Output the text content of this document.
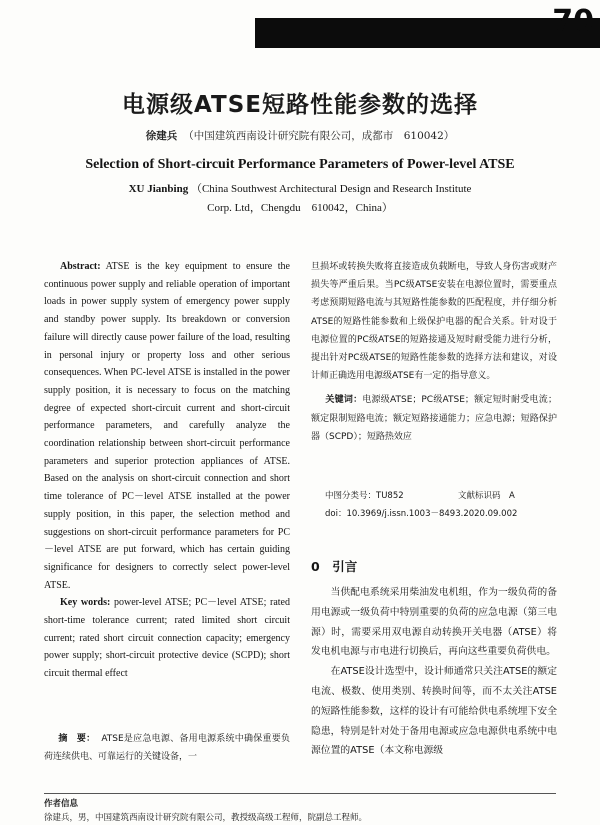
70
电源级ATSE短路性能参数的选择
徐建兵 （中国建筑西南设计研究院有限公司，成都市　610042）
Selection of Short-circuit Performance Parameters of Power-level ATSE
XU Jianbing （China Southwest Architectural Design and Research Institute
Corp. Ltd，Chengdu　610042，China）

Abstract: ATSE is the key equipment to ensure the continuous power supply and reliable operation of important loads in power supply system of emergency power supply and standby power supply. Its breakdown or conversion failure will directly cause power failure of the load, resulting in personal injury or property loss and other serious consequences. When PC-level ATSE is installed in the power supply position, it is necessary to focus on the matching degree of expected short-circuit current and short-circuit performance parameters, and carefully analyze the coordination relationship between short-circuit performance parameters and superior protection appliances of ATSE. Based on the analysis on short-circuit connection and short time tolerance of PC－level ATSE installed at the power supply position, in this paper, the selection method and suggestions on short-circuit performance parameters for PC－level ATSE are put forward, which has certain guiding significance for designers to correctly select power-level ATSE.

Key words: power-level ATSE; PC－level ATSE; rated short-time tolerance current; rated limited short circuit current; rated short circuit connection capacity; emergency power supply; short-circuit protective device (SCPD); short circuit thermal effect

摘　要： ATSE是应急电源、备用电源系统中确保重要负荷连续供电、可靠运行的关键设备，一

旦损坏或转换失败将直接造成负载断电，导致人身伤害或财产损失等严重后果。当PC级ATSE安装在电源位置时，需要重点考虑预期短路电流与其短路性能参数的匹配程度，并仔细分析ATSE的短路性能参数和上级保护电器的配合关系。针对设于电源位置的PC级ATSE的短路接通及短时耐受能力进行分析，提出针对PC级ATSE的短路性能参数的选择方法和建议，对设计师正确选用电源级ATSE有一定的指导意义。

关键词：电源级ATSE；PC级ATSE；额定短时耐受电流；额定限制短路电流；额定短路接通能力；应急电源；短路保护器（SCPD）；短路热效应

中图分类号：TU852	文献标识码　 A
doi：10.3969/j.issn.1003－8493.2020.09.002
0　引言

当供配电系统采用柴油发电机组，作为一级负荷的备用电源或一级负荷中特别重要的负荷的应急电源（第三电源）时，需要采用双电源自动转换开关电器（ATSE）将发电机电源与市电进行切换后，再向这些重要负荷供电。

在ATSE设计选型中，设计师通常只关注ATSE的额定电流、极数、使用类别、转换时间等，而不太关注ATSE的短路性能参数，这样的设计有可能给供电系统埋下安全隐患，特别是针对处于备用电源或应急电源供电系统中电源位置的ATSE（本文称电源级

作者信息
徐建兵，男，中国建筑西南设计研究院有限公司，教授级高级工程师，院副总工程师。
